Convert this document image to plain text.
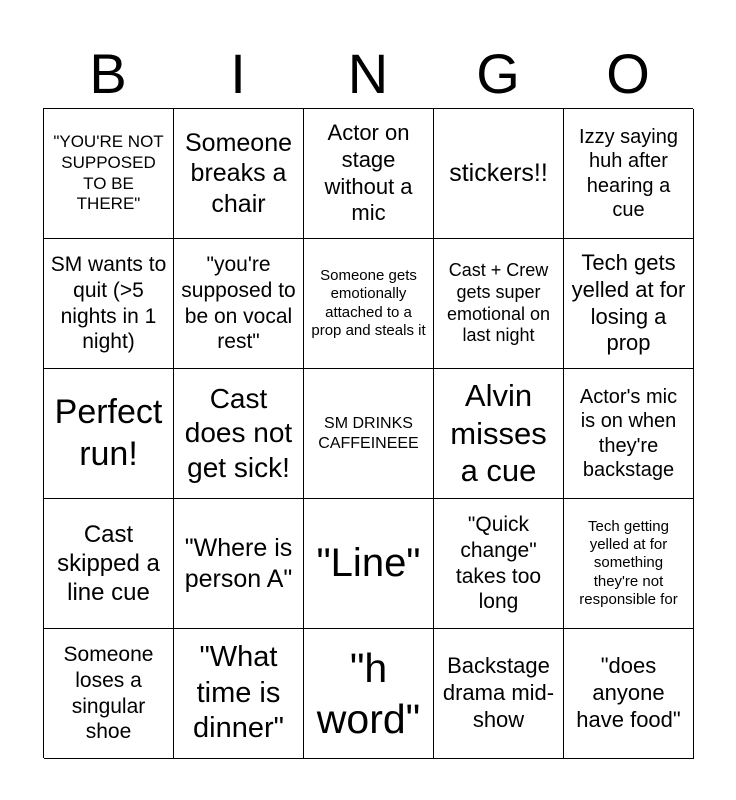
B	I	N	G	O
"YOU'RE NOT SUPPOSED TO BE THERE"
Someone breaks a chair
Actor on stage without a mic
stickers!!
Izzy saying huh after hearing a cue
SM wants to quit (>5 nights in 1 night)
"you're supposed to be on vocal rest"
Someone gets emotionally attached to a prop and steals it
Cast + Crew gets super emotional on last night
Tech gets yelled at for losing a prop
Perfect run!
Cast does not get sick!
SM DRINKS CAFFEINEEE
Alvin misses a cue
Actor's mic is on when they're backstage
Cast skipped a line cue
"Where is person A" "Line"
"Quick change" takes too long
Tech getting yelled at for something they're not responsible for
Someone loses a singular shoe
"What time is dinner"
"h word"
Backstage drama mid-show
"does anyone have food"
